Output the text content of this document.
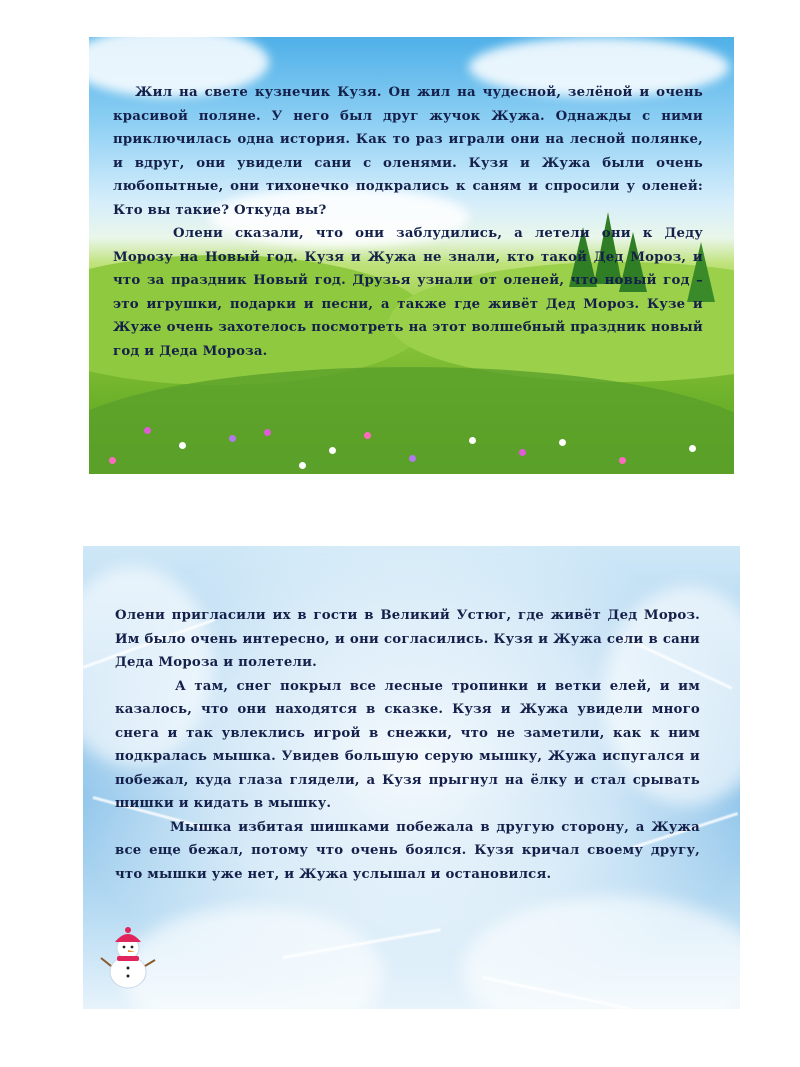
Жил на свете кузнечик Кузя. Он жил на чудесной, зелёной и очень красивой поляне. У него был друг жучок Жужа. Однажды с ними приключилась одна история. Как то раз играли они на лесной полянке, и вдруг, они увидели сани с оленями. Кузя и Жужа были очень любопытные, они тихонечко подкрались к саням и спросили у оленей: Кто вы такие? Откуда вы?

Олени сказали, что они заблудились, а летели они к Деду Морозу на Новый год. Кузя и Жужа не знали, кто такой Дед Мороз, и что за праздник Новый год. Друзья узнали от оленей, что новый год – это игрушки, подарки и песни, а также где живёт Дед Мороз. Кузе и Жуже очень захотелось посмотреть на этот волшебный праздник новый год и Деда Мороза.

Олени пригласили их в гости в Великий Устюг, где живёт Дед Мороз. Им было очень интересно, и они согласились. Кузя и Жужа сели в сани Деда Мороза и полетели.

А там, снег покрыл все лесные тропинки и ветки елей, и им казалось, что они находятся в сказке. Кузя и Жужа увидели много снега и так увлеклись игрой в снежки, что не заметили, как к ним подкралась мышка. Увидев большую серую мышку, Жужа испугался и побежал, куда глаза глядели, а Кузя прыгнул на ёлку и стал срывать шишки и кидать в мышку.

Мышка избитая шишками побежала в другую сторону, а Жужа все еще бежал, потому что очень боялся. Кузя кричал своему другу, что мышки уже нет, и Жужа услышал и остановился.
